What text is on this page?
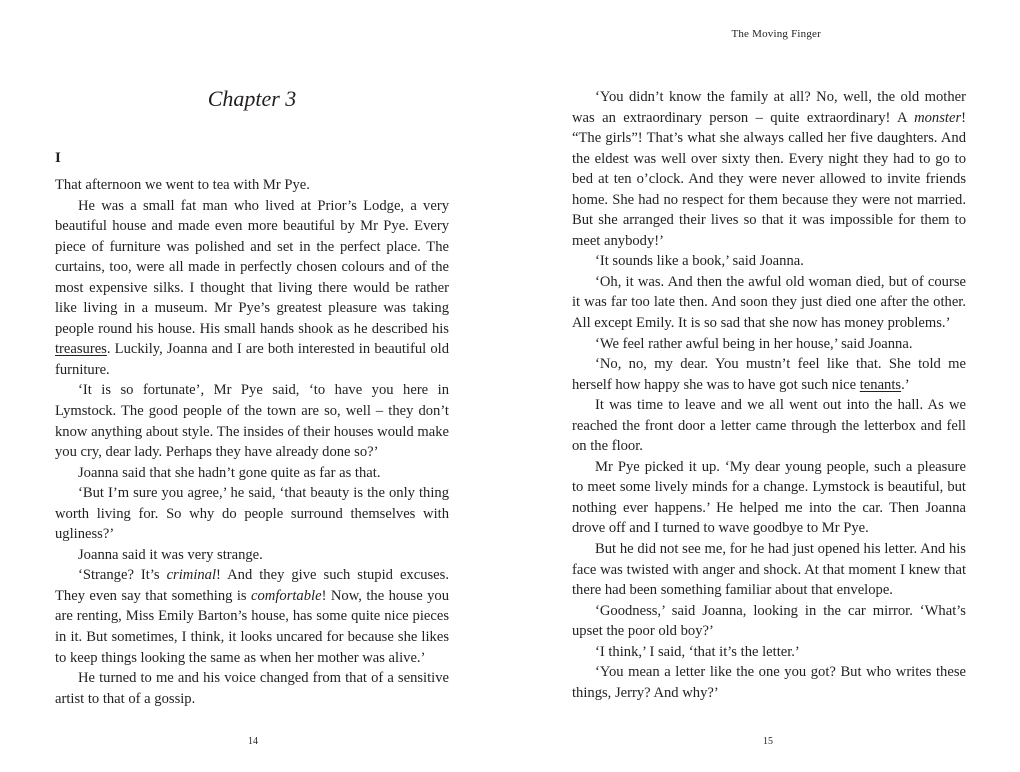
Chapter 3
I

That afternoon we went to tea with Mr Pye.

He was a small fat man who lived at Prior’s Lodge, a very beautiful house and made even more beautiful by Mr Pye. Every piece of furniture was polished and set in the perfect place. The curtains, too, were all made in perfectly chosen colours and of the most expensive silks. I thought that living there would be rather like living in a museum. Mr Pye’s greatest pleasure was taking people round his house. His small hands shook as he described his treasures. Luckily, Joanna and I are both interested in beautiful old furniture.

‘It is so fortunate’, Mr Pye said, ‘to have you here in Lymstock. The good people of the town are so, well – they don’t know anything about style. The insides of their houses would make you cry, dear lady. Perhaps they have already done so?’

Joanna said that she hadn’t gone quite as far as that.

‘But I’m sure you agree,’ he said, ‘that beauty is the only thing worth living for. So why do people surround themselves with ugliness?’

Joanna said it was very strange.

‘Strange? It’s criminal! And they give such stupid excuses. They even say that something is comfortable! Now, the house you are renting, Miss Emily Barton’s house, has some quite nice pieces in it. But sometimes, I think, it looks uncared for because she likes to keep things looking the same as when her mother was alive.’

He turned to me and his voice changed from that of a sensitive artist to that of a gossip.

14
The Moving Finger

‘You didn’t know the family at all? No, well, the old mother was an extraordinary person – quite extraordinary! A monster! “The girls”! That’s what she always called her five daughters. And the eldest was well over sixty then. Every night they had to go to bed at ten o’clock. And they were never allowed to invite friends home. She had no respect for them because they were not married. But she arranged their lives so that it was impossible for them to meet anybody!’

‘It sounds like a book,’ said Joanna.

‘Oh, it was. And then the awful old woman died, but of course it was far too late then. And soon they just died one after the other. All except Emily. It is so sad that she now has money problems.’

‘We feel rather awful being in her house,’ said Joanna.

‘No, no, my dear. You mustn’t feel like that. She told me herself how happy she was to have got such nice tenants.’

It was time to leave and we all went out into the hall. As we reached the front door a letter came through the letterbox and fell on the floor.

Mr Pye picked it up. ‘My dear young people, such a pleasure to meet some lively minds for a change. Lymstock is beautiful, but nothing ever happens.’ He helped me into the car. Then Joanna drove off and I turned to wave goodbye to Mr Pye.

But he did not see me, for he had just opened his letter. And his face was twisted with anger and shock. At that moment I knew that there had been something familiar about that envelope.

‘Goodness,’ said Joanna, looking in the car mirror. ‘What’s upset the poor old boy?’

‘I think,’ I said, ‘that it’s the letter.’

‘You mean a letter like the one you got? But who writes these things, Jerry? And why?’

15
